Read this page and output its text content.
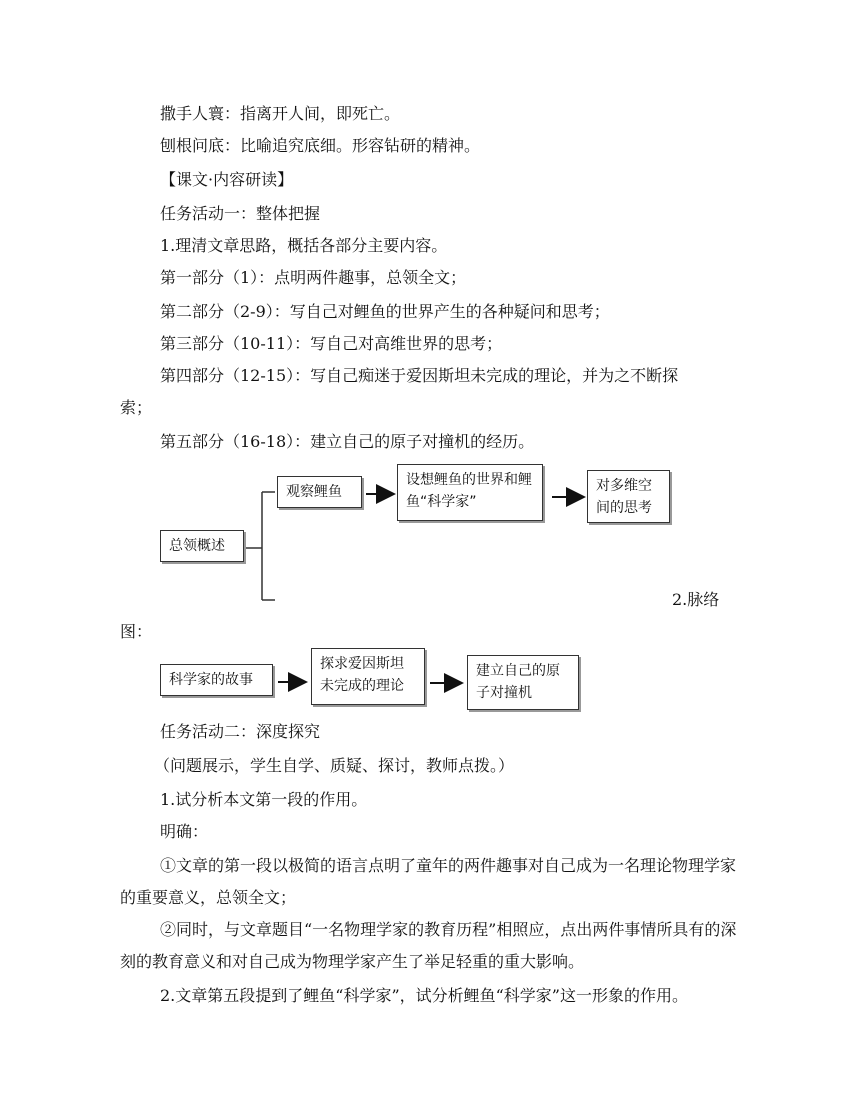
撒手人寰：指离开人间，即死亡。
刨根问底：比喻追究底细。形容钻研的精神。
【课文·内容研读】
任务活动一：整体把握
1.理清文章思路，概括各部分主要内容。
第一部分（1）：点明两件趣事，总领全文；
第二部分（2-9）：写自己对鲤鱼的世界产生的各种疑问和思考；
第三部分（10-11）：写自己对高维世界的思考；
第四部分（12-15）：写自己痴迷于爱因斯坦未完成的理论，并为之不断探
索；
第五部分（16-18）：建立自己的原子对撞机的经历。
总领概述
观察鲤鱼
设想鲤鱼的世界和鲤鱼“科学家”
对多维空间的思考
2.脉络
图：
科学家的故事
探求爱因斯坦未完成的理论
建立自己的原子对撞机
任务活动二：深度探究
（问题展示，学生自学、质疑、探讨，教师点拨。）
1.试分析本文第一段的作用。
明确：
①文章的第一段以极简的语言点明了童年的两件趣事对自己成为一名理论物理学家的重要意义，总领全文；
②同时，与文章题目“一名物理学家的教育历程”相照应，点出两件事情所具有的深刻的教育意义和对自己成为物理学家产生了举足轻重的重大影响。
2.文章第五段提到了鲤鱼“科学家”，试分析鲤鱼“科学家”这一形象的作用。
